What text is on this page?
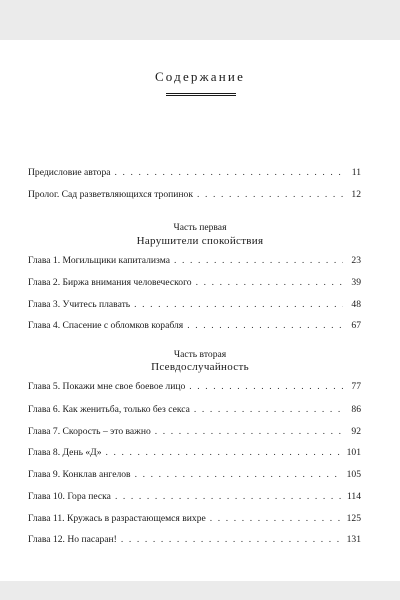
Содержание
Предисловие автора . . .	11
Пролог. Сад разветвляющихся тропинок . . .	12
Часть первая
Нарушители спокойствия
Глава 1. Могильщики капитализма . . .	23
Глава 2. Биржа внимания человеческого . . .	39
Глава 3. Учитесь плавать . . .	48
Глава 4. Спасение с обломков корабля . . .	67
Часть вторая
Псевдослучайность
Глава 5. Покажи мне свое боевое лицо . . .	77
Глава 6. Как женитьба, только без секса . . .	86
Глава 7. Скорость – это важно . . .	92
Глава 8. День «Д» . . .	101
Глава 9. Конклав ангелов . . .	105
Глава 10. Гора песка . . .	114
Глава 11. Кружась в разрастающемся вихре . . .	125
Глава 12. Но пасаран! . . .	131
